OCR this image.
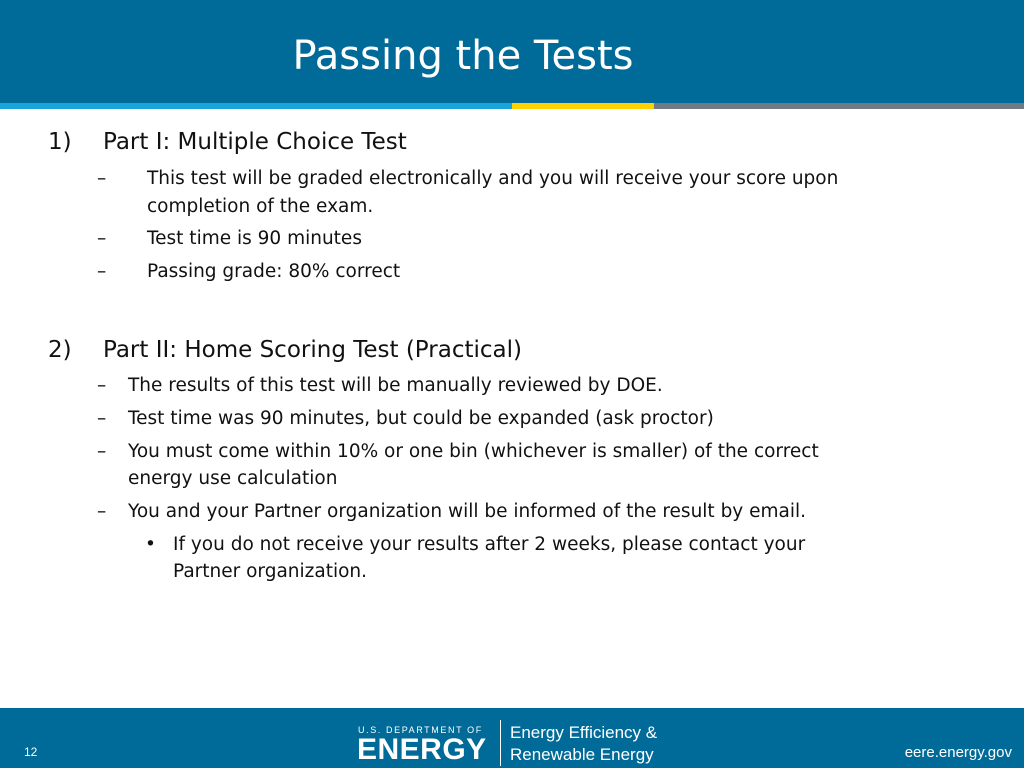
Passing the Tests
1) Part I: Multiple Choice Test
– This test will be graded electronically and you will receive your score upon
completion of the exam.
– Test time is 90 minutes
– Passing grade: 80% correct
2) Part II: Home Scoring Test (Practical)
– The results of this test will be manually reviewed by DOE.
– Test time was 90 minutes, but could be expanded (ask proctor)
– You must come within 10% or one bin (whichever is smaller) of the correct
energy use calculation
– You and your Partner organization will be informed of the result by email.
• If you do not receive your results after 2 weeks, please contact your
Partner organization.
12
U.S. DEPARTMENT OF
ENERGY
Energy Efficiency &
Renewable Energy	eere.energy.gov
